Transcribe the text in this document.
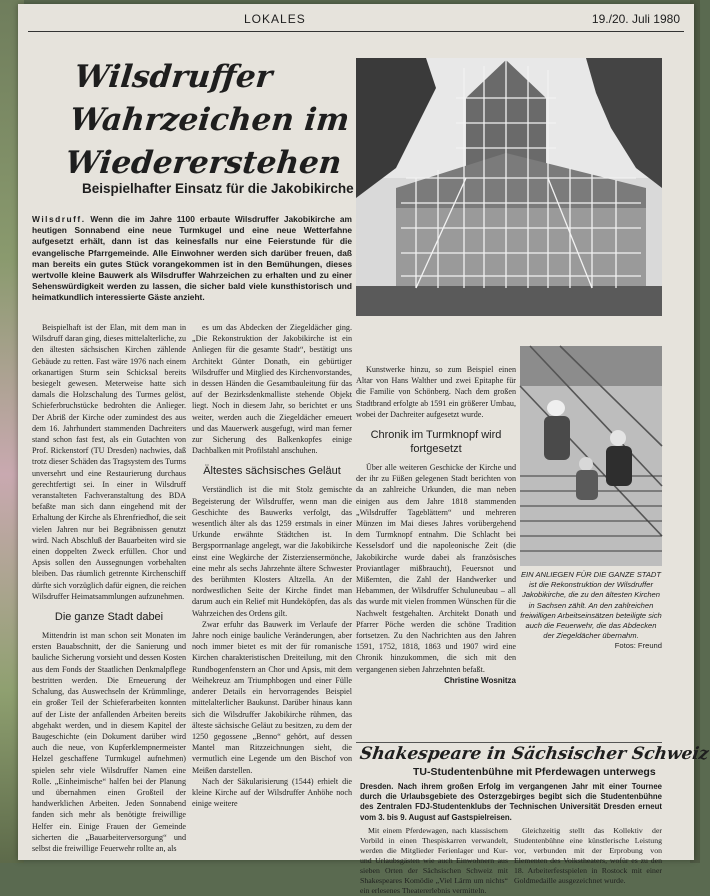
LOKALES	19./20. Juli 1980
Wilsdruffer
Wahrzeichen im
Wiedererstehen
Beispielhafter Einsatz für die Jakobikirche
Wilsdruff. Wenn die im Jahre 1100 erbaute Wilsdruffer Jakobikirche am heutigen Sonnabend eine neue Turmkugel und eine neue Wetterfahne aufgesetzt erhält, dann ist das keinesfalls nur eine Feierstunde für die evangelische Pfarrgemeinde. Alle Einwohner werden sich darüber freuen, daß man bereits ein gutes Stück vorangekommen ist in den Bemühungen, dieses wertvolle kleine Bauwerk als Wilsdruffer Wahrzeichen zu erhalten und zu einer Sehenswürdigkeit werden zu lassen, die sicher bald viele kunsthistorisch und heimatkundlich interessierte Gäste anzieht.
EIN ANLIEGEN FÜR DIE GANZE STADT ist die Rekonstruktion der Wilsdruffer Jakobikirche, die zu den ältesten Kirchen in Sachsen zählt. An den zahlreichen freiwilligen Arbeitseinsätzen beteiligte sich auch die Feuerwehr, die das Abdecken der Ziegeldächer übernahm.
Fotos: Freund

Beispielhaft ist der Elan, mit dem man in Wilsdruff daran ging, dieses mittelalterliche, zu den ältesten sächsischen Kirchen zählende Gebäude zu retten. Fast wäre 1976 nach einem orkanartigen Sturm sein Schicksal bereits besiegelt gewesen. Meterweise hatte sich damals die Holzschalung des Turmes gelöst, Schieferbruchstücke bedrohten die Anlieger. Der Abriß der Kirche oder zumindest des aus dem 16. Jahrhundert stammenden Dachreiters stand schon fast fest, als ein Gutachten von Prof. Rickenstorf (TU Dresden) nachwies, daß trotz dieser Schäden das Tragsystem des Turms unversehrt und eine Restaurierung durchaus gerechtfertigt sei. In einer in Wilsdruff veranstalteten Fachveranstaltung des BDA befaßte man sich dann eingehend mit der Erhaltung der Kirche als Ehrenfriedhof, die seit vielen Jahren nur bei Begräbnissen genutzt wird. Nach Abschluß der Bauarbeiten wird sie einen doppelten Zweck erfüllen. Chor und Apsis sollen den Aussegnungen vorbehalten bleiben. Das räumlich getrennte Kirchenschiff dürfte sich vorzüglich dafür eignen, die reichen Wilsdruffer Heimatsammlungen aufzunehmen.

Die ganze Stadt dabei

Mittendrin ist man schon seit Monaten im ersten Bauabschnitt, der die Sanierung und bauliche Sicherung vorsieht und dessen Kosten aus dem Fonds der Staatlichen Denkmalpflege bestritten werden. Die Erneuerung der Schalung, das Auswechseln der Krümmlinge, ein großer Teil der Schieferarbeiten konnten auf der Liste der anfallenden Arbeiten bereits abgehakt werden, und in diesem Kapitel der Baugeschichte (ein Dokument darüber wird auch die neue, von Kupferklempnermeister Helzel geschaffene Turmkugel aufnehmen) spielen sehr viele Wilsdruffer Namen eine Rolle. „Einheimische“ halfen bei der Planung und übernahmen einen Großteil der handwerklichen Arbeiten. Jeden Sonnabend fanden sich mehr als benötigte freiwillige Helfer ein. Einige Frauen der Gemeinde sicherten die „Bauarbeiterversorgung“ und selbst die freiwillige Feuerwehr rollte an, als

es um das Abdecken der Ziegeldächer ging. „Die Rekonstruktion der Jakobikirche ist ein Anliegen für die gesamte Stadt“, bestätigt uns Architekt Günter Donath, ein gebürtiger Wilsdruffer und Mitglied des Kirchenvorstandes, in dessen Händen die Gesamtbauleitung für das auf der Bezirksdenkmalliste stehende Objekt liegt. Noch in diesem Jahr, so berichtet er uns weiter, werden auch die Ziegeldächer erneuert und das Mauerwerk ausgefugt, wird man ferner zur Sicherung des Balkenkopfes einige Dachbalken mit Profilstahl anschuhen.

Ältestes sächsisches Geläut

Verständlich ist die mit Stolz gemischte Begeisterung der Wilsdruffer, wenn man die Geschichte des Bauwerks verfolgt, das wesentlich älter als das 1259 erstmals in einer Urkunde erwähnte Städtchen ist. In Bergsporrnanlage angelegt, war die Jakobikirche einst eine Wegkirche der Zisterziensermönche, eine mehr als sechs Jahrzehnte ältere Schwester des berühmten Klosters Altzella. An der nordwestlichen Seite der Kirche findet man darum auch ein Relief mit Hundeköpfen, das als Wahrzeichen des Ordens gilt.

Zwar erfuhr das Bauwerk im Verlaufe der Jahre noch einige bauliche Veränderungen, aber noch immer bietet es mit der für romanische Kirchen charakteristischen Dreiteilung, mit den Rundbogenfenstern an Chor und Apsis, mit dem Weihekreuz am Triumphbogen und einer Fülle anderer Details ein hervorragendes Beispiel mittelalterlicher Baukunst. Darüber hinaus kann sich die Wilsdruffer Jakobikirche rühmen, das älteste sächsische Geläut zu besitzen, zu dem der 1250 gegossene „Benno“ gehört, auf dessen Mantel man Ritzzeichnungen sieht, die vermutlich eine Legende um den Bischof von Meißen darstellen.

Nach der Säkularisierung (1544) erhielt die kleine Kirche auf der Wilsdruffer Anhöhe noch einige weitere

Kunstwerke hinzu, so zum Beispiel einen Altar von Hans Walther und zwei Epitaphe für die Familie von Schönberg. Nach dem großen Stadtbrand erfolgte ab 1591 ein größerer Umbau, wobei der Dachreiter aufgesetzt wurde.

Chronik im Turmknopf wird fortgesetzt

Über alle weiteren Geschicke der Kirche und der ihr zu Füßen gelegenen Stadt berichten von da an zahlreiche Urkunden, die man neben einigen aus dem Jahre 1818 stammenden „Wilsdruffer Tageblättern“ und mehreren Münzen im Mai dieses Jahres vorübergehend dem Turmknopf entnahm. Die Schlacht bei Kesselsdorf und die napoleonische Zeit (die Jakobikirche wurde dabei als französisches Proviantlager mißbraucht), Feuersnot und Mißernten, die Zahl der Handwerker und Hebammen, der Wilsdruffer Schuluneubau – all das wurde mit vielen frommen Wünschen für die Nachwelt festgehalten. Architekt Donath und Pfarrer Pöche werden die schöne Tradition fortsetzen. Zu den Nachrichten aus den Jahren 1591, 1752, 1818, 1863 und 1907 wird eine Chronik hinzukommen, die sich mit den vergangenen sieben Jahrzehnten befaßt.

Christine Wosnitza
Shakespeare in Sächsischer Schweiz
TU-Studentenbühne mit Pferdewagen unterwegs
Dresden. Nach ihrem großen Erfolg im vergangenen Jahr mit einer Tournee durch die Urlaubsgebiete des Osterzgebirges begibt sich die Studentenbühne des Zentralen FDJ-Studentenklubs der Technischen Universität Dresden erneut vom 3. bis 9. August auf Gastspielreisen.

Mit einem Pferdewagen, nach klassischem Vorbild in einen Thespiskarren verwandelt, werden die Mitglieder Ferienlager und Kur- und Urlaubsgästen wie auch Einwohnern aus sieben Orten der Sächsischen Schweiz mit Shakespeares Komödie „Viel Lärm um nichts“ ein erlesenes Theatererlebnis vermitteln.

Gleichzeitig stellt das Kollektiv der Studentenbühne eine künstlerische Leistung vor, verbunden mit der Erprobung von Elementen des Volkstheaters, wofür es zu den 18. Arbeiterfestspielen in Rostock mit einer Goldmedaille ausgezeichnet wurde.
